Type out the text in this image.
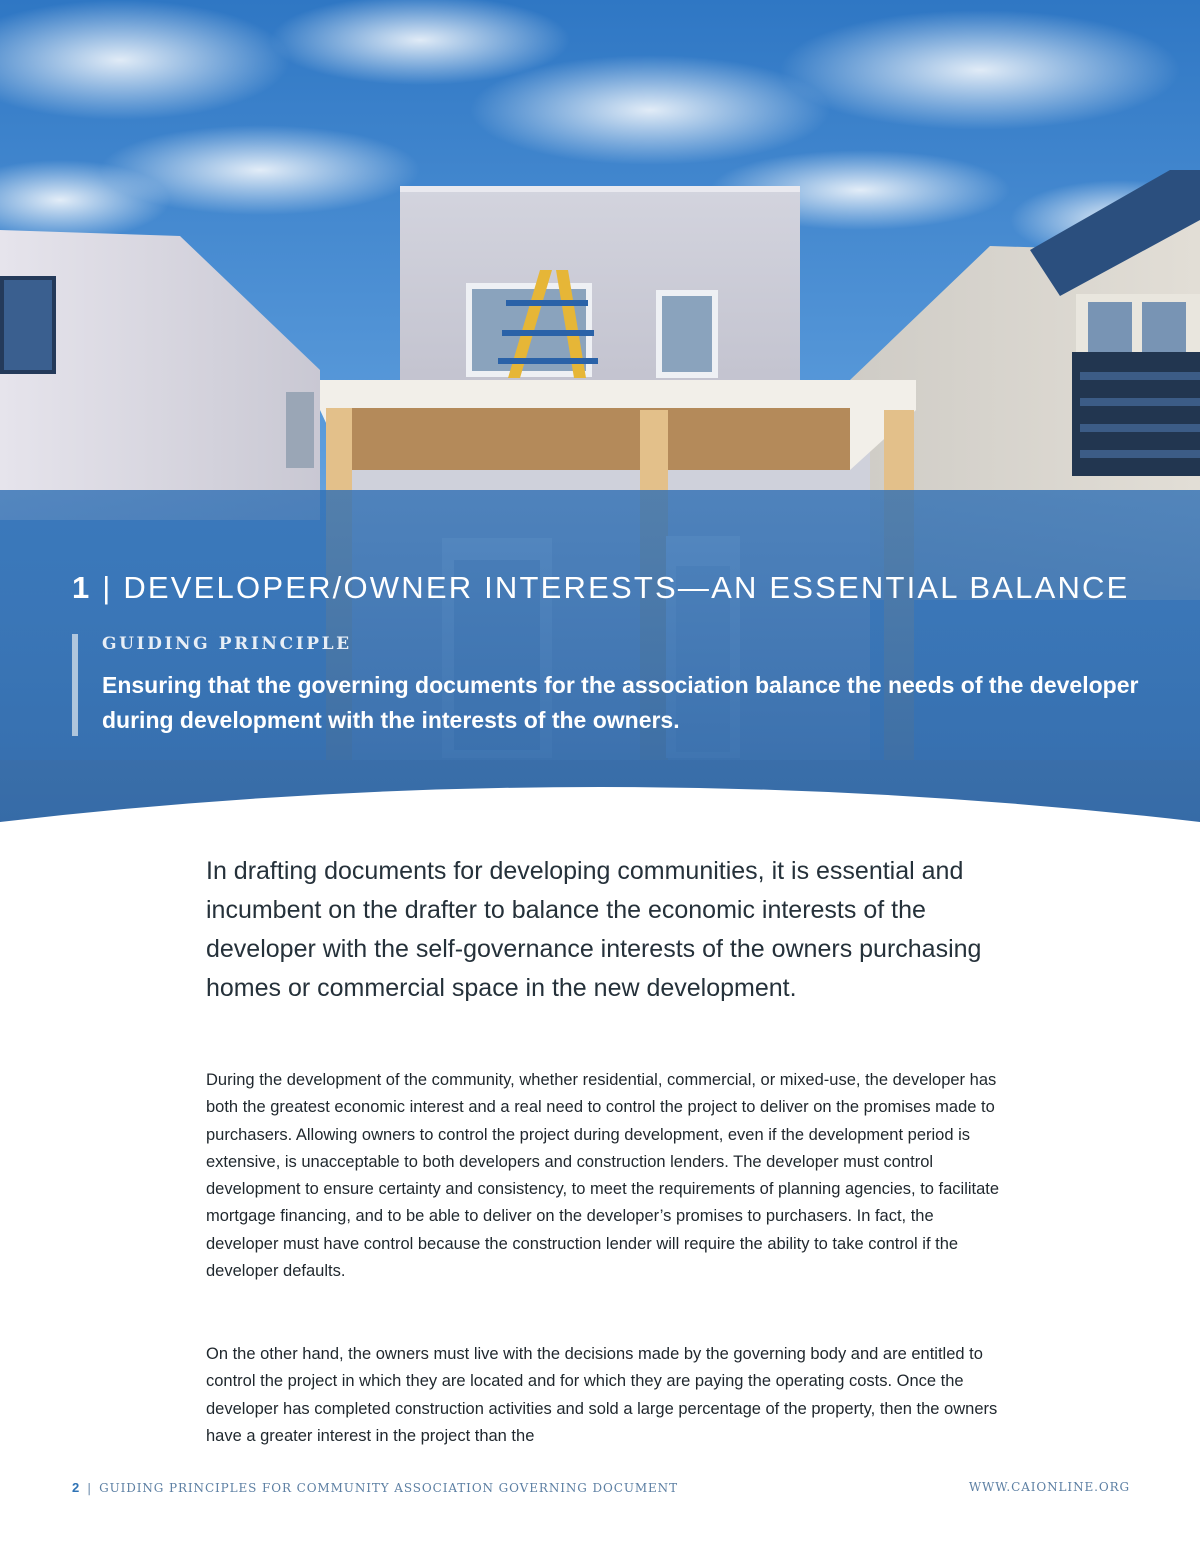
1 | DEVELOPER/OWNER INTERESTS—AN ESSENTIAL BALANCE

GUIDING PRINCIPLE

Ensuring that the governing documents for the association balance the needs of the developer during development with the interests of the owners.

In drafting documents for developing communities, it is essential and incumbent on the drafter to balance the economic interests of the developer with the self-governance interests of the owners purchasing homes or commercial space in the new development.

During the development of the community, whether residential, commercial, or mixed-use, the developer has both the greatest economic interest and a real need to control the project to deliver on the promises made to purchasers. Allowing owners to control the project during development, even if the development period is extensive, is unacceptable to both developers and construction lenders. The developer must control development to ensure certainty and consistency, to meet the requirements of planning agencies, to facilitate mortgage financing, and to be able to deliver on the developer’s promises to purchasers. In fact, the developer must have control because the construction lender will require the ability to take control if the developer defaults.

On the other hand, the owners must live with the decisions made by the governing body and are entitled to control the project in which they are located and for which they are paying the operating costs. Once the developer has completed construction activities and sold a large percentage of the property, then the owners have a greater interest in the project than the

2 | GUIDING PRINCIPLES FOR COMMUNITY ASSOCIATION GOVERNING DOCUMENT	WWW.CAIONLINE.ORG
